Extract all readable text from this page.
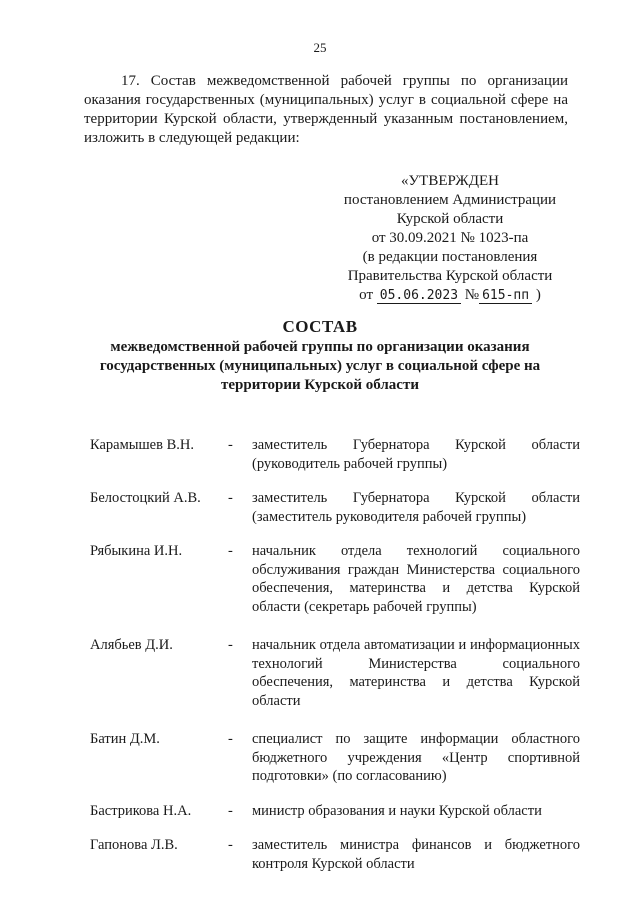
25
17. Состав межведомственной рабочей группы по организации оказания государственных (муниципальных) услуг в социальной сфере на территории Курской области, утвержденный указанным постановлением, изложить в следующей редакции:
«УТВЕРЖДЕН
постановлением Администрации
Курской области
от 30.09.2021 № 1023-па
(в редакции постановления
Правительства Курской области
от 05.06.2023 № 615-пп )
СОСТАВ
межведомственной рабочей группы по организации оказания
государственных (муниципальных) услуг в социальной сфере на
территории Курской области
Карамышев В.Н.	-	заместитель Губернатора Курской области (руководитель рабочей группы)
Белостоцкий А.В.	-	заместитель Губернатора Курской области (заместитель руководителя рабочей группы)
Рябыкина И.Н.	-	начальник отдела технологий социального обслуживания граждан Министерства социального обеспечения, материнства и детства Курской области (секретарь рабочей группы)
Алябьев Д.И.	-	начальник отдела автоматизации и информационных технологий Министерства социального обеспечения, материнства и детства Курской области
Батин Д.М.	-	специалист по защите информации областного бюджетного учреждения «Центр спортивной подготовки» (по согласованию)
Бастрикова Н.А.	-	министр образования и науки Курской области
Гапонова Л.В.	-	заместитель министра финансов и бюджетного контроля Курской области
